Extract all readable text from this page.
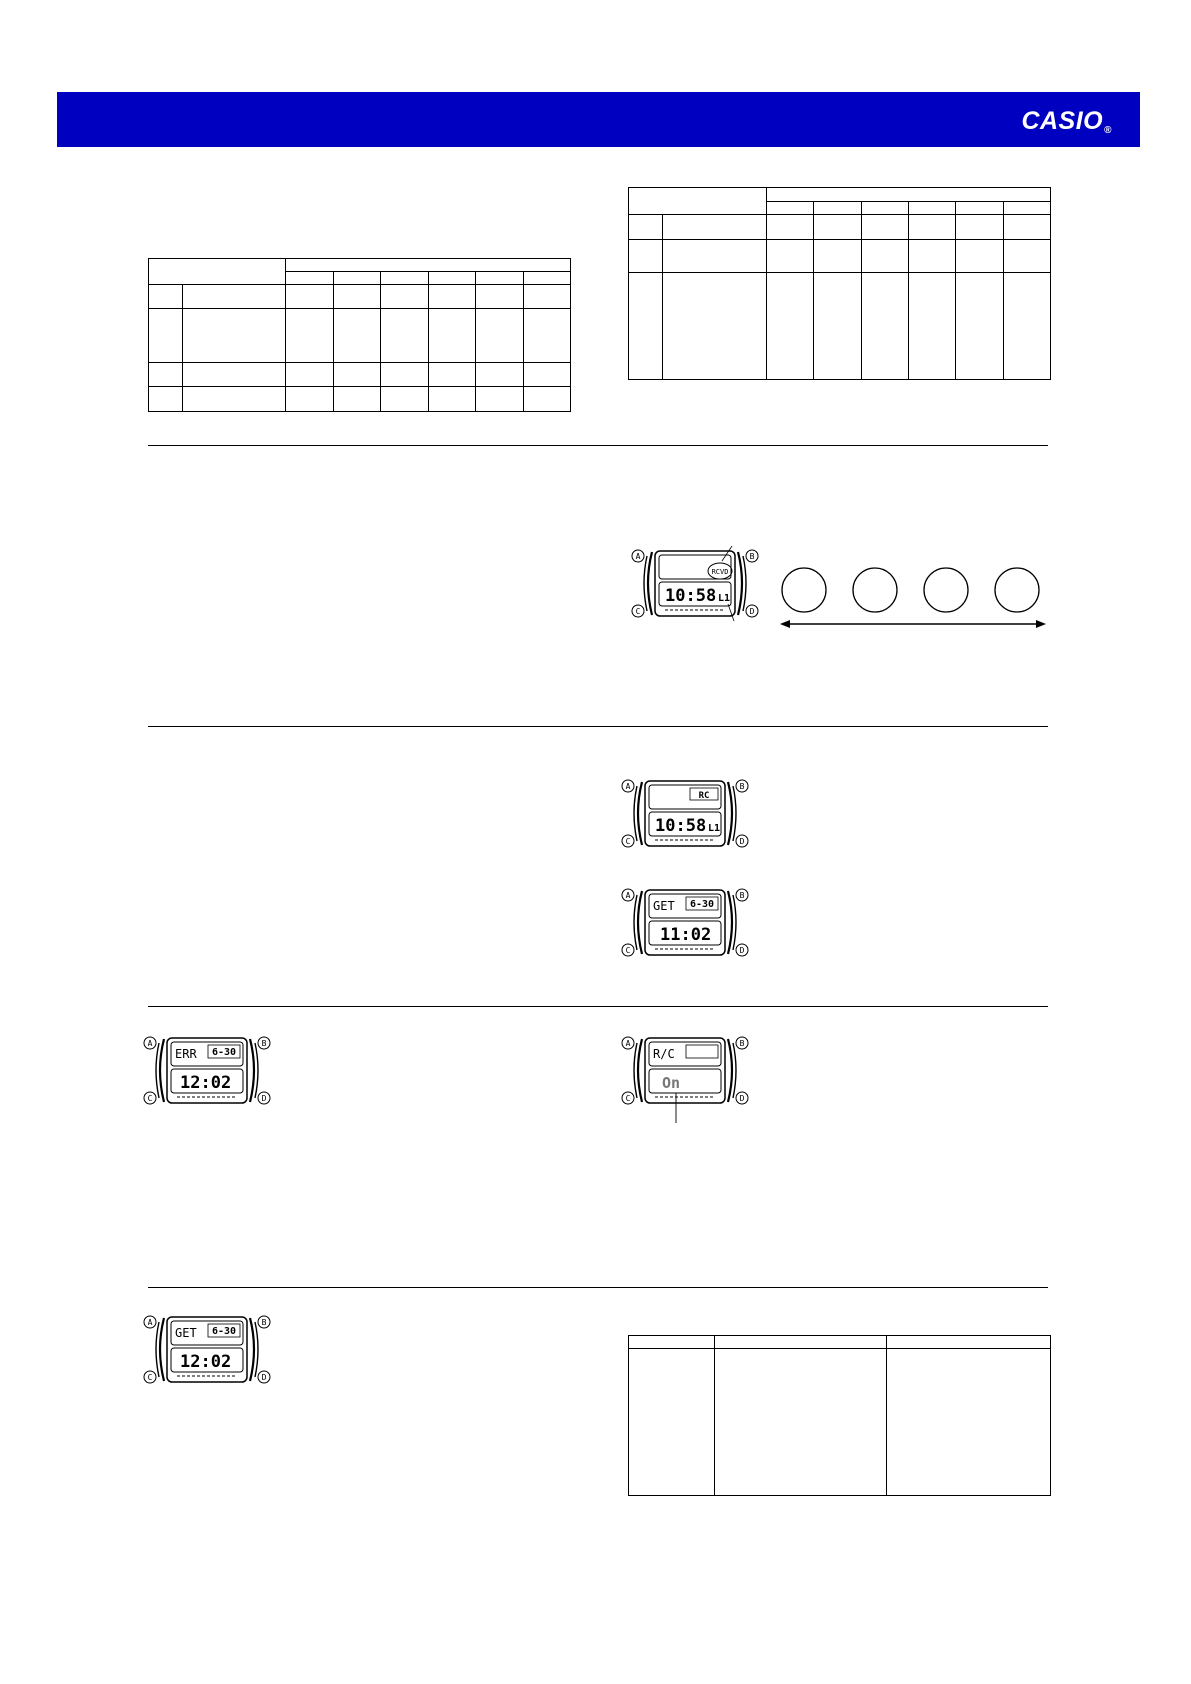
CASIO®

A	B
C	D
RCVD
10:58 L1
A	B
C	D
RC
10:58 L1
A	B
C	D
GET 6-30
11:02
A	B
C	D
ERR 6-30
12:02
A	B
C	D
R/C
On
A	B
C	D
GET 6-30
12:02
